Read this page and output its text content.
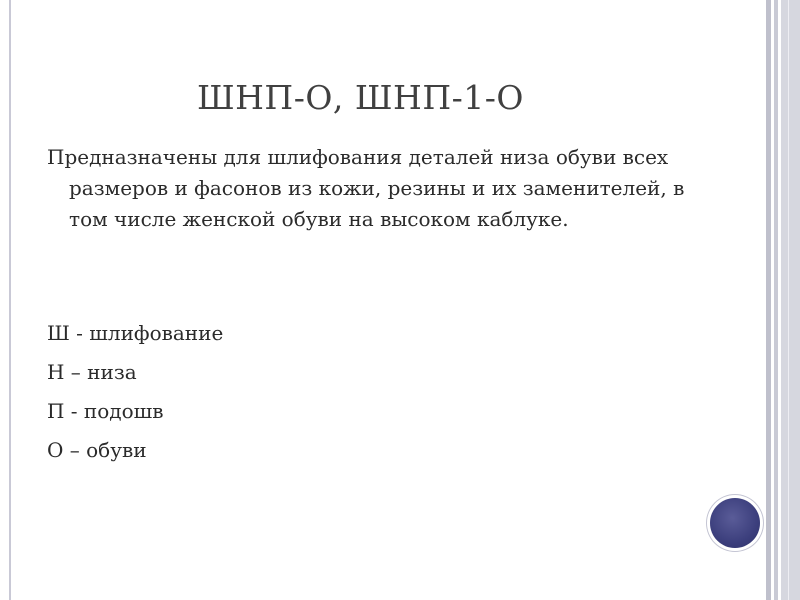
ШНП-О, ШНП-1-О

Предназначены для шлифования деталей низа обуви всех размеров и фасонов из кожи, резины и их заменителей, в том числе женской обуви на высоком каблуке.

Ш - шлифование
Н – низа
П - подошв
О – обуви
